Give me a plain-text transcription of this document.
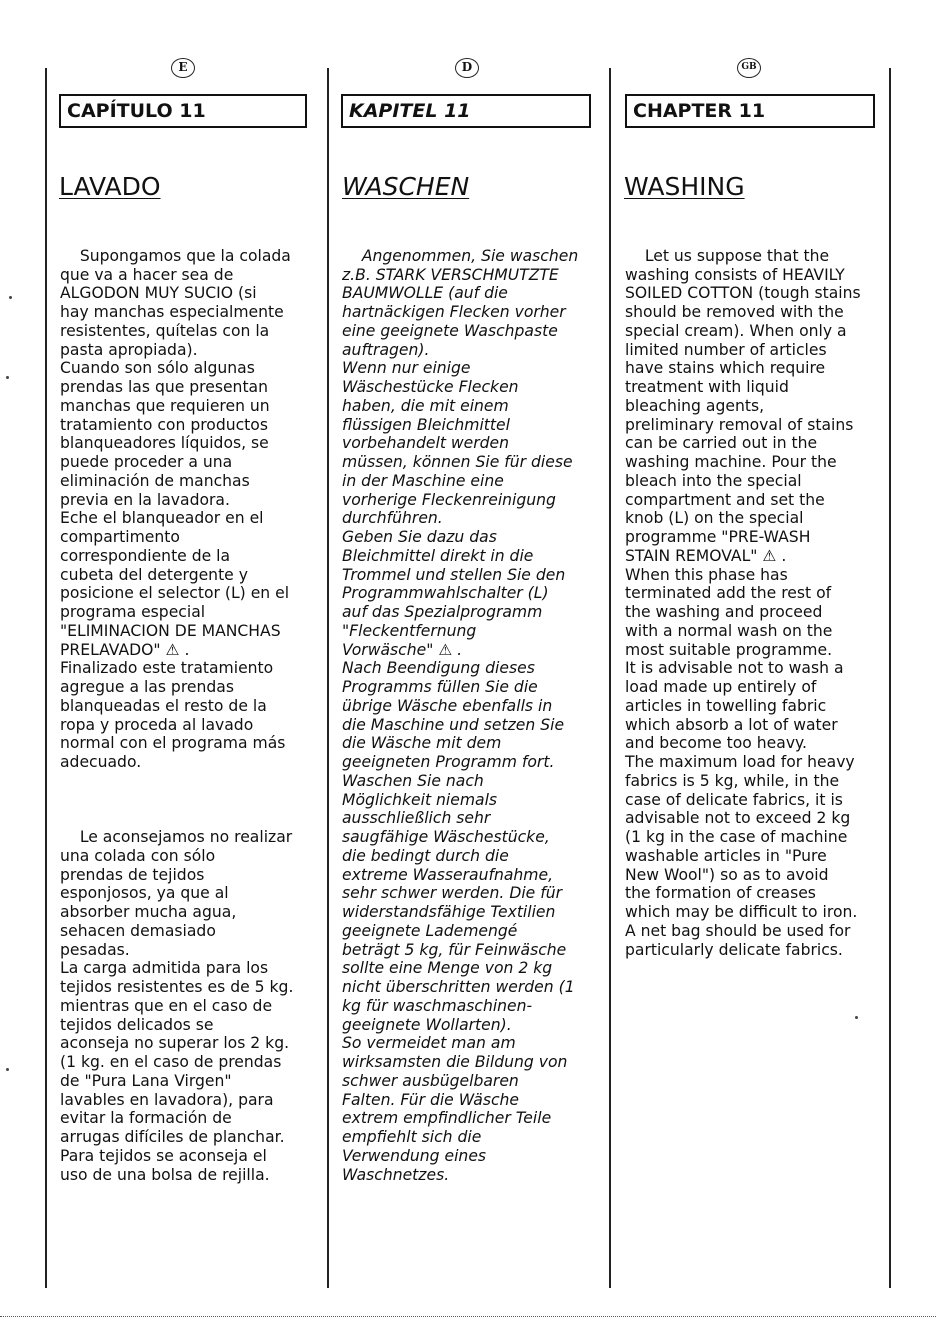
E
CAPÍTULO 11
LAVADO

Supongamos que la colada
que va a hacer sea de
ALGODON MUY SUCIO (si
hay manchas especialmente
resistentes, quítelas con la
pasta apropiada).
Cuando son sólo algunas
prendas las que presentan
manchas que requieren un
tratamiento con productos
blanqueadores líquidos, se
puede proceder a una
eliminación de manchas
previa en la lavadora.
Eche el blanqueador en el
compartimento
correspondiente de la
cubeta del detergente y
posicione el selector (L) en el
programa especial
"ELIMINACION DE MANCHAS
PRELAVADO" ⚠ .
Finalizado este tratamiento
agregue a las prendas
blanqueadas el resto de la
ropa y proceda al lavado
normal con el programa más
adecuado.

Le aconsejamos no realizar
una colada con sólo
prendas de tejidos
esponjosos, ya que al
absorber mucha agua,
sehacen demasiado
pesadas.
La carga admitida para los
tejidos resistentes es de 5 kg.
mientras que en el caso de
tejidos delicados se
aconseja no superar los 2 kg.
(1 kg. en el caso de prendas
de "Pura Lana Virgen"
lavables en lavadora), para
evitar la formación de
arrugas difíciles de planchar.
Para tejidos se aconseja el
uso de una bolsa de rejilla.

D
KAPITEL 11
WASCHEN

Angenommen, Sie waschen
z.B. STARK VERSCHMUTZTE
BAUMWOLLE (auf die
hartnäckigen Flecken vorher
eine geeignete Waschpaste
auftragen).
Wenn nur einige
Wäschestücke Flecken
haben, die mit einem
flüssigen Bleichmittel
vorbehandelt werden
müssen, können Sie für diese
in der Maschine eine
vorherige Fleckenreinigung
durchführen.
Geben Sie dazu das
Bleichmittel direkt in die
Trommel und stellen Sie den
Programmwahlschalter (L)
auf das Spezialprogramm
"Fleckentfernung
Vorwäsche" ⚠ .
Nach Beendigung dieses
Programms füllen Sie die
übrige Wäsche ebenfalls in
die Maschine und setzen Sie
die Wäsche mit dem
geeigneten Programm fort.
Waschen Sie nach
Möglichkeit niemals
ausschließlich sehr
saugfähige Wäschestücke,
die bedingt durch die
extreme Wasseraufnahme,
sehr schwer werden. Die für
widerstandsfähige Textilien
geeignete Lademengé
beträgt 5 kg, für Feinwäsche
sollte eine Menge von 2 kg
nicht überschritten werden (1
kg für waschmaschinen-
geeignete Wollarten).
So vermeidet man am
wirksamsten die Bildung von
schwer ausbügelbaren
Falten. Für die Wäsche
extrem empfindlicher Teile
empfiehlt sich die
Verwendung eines
Waschnetzes.

GB
CHAPTER 11
WASHING

Let us suppose that the
washing consists of HEAVILY
SOILED COTTON (tough stains
should be removed with the
special cream). When only a
limited number of articles
have stains which require
treatment with liquid
bleaching agents,
preliminary removal of stains
can be carried out in the
washing machine. Pour the
bleach into the special
compartment and set the
knob (L) on the special
programme "PRE-WASH
STAIN REMOVAL" ⚠ .
When this phase has
terminated add the rest of
the washing and proceed
with a normal wash on the
most suitable programme.
It is advisable not to wash a
load made up entirely of
articles in towelling fabric
which absorb a lot of water
and become too heavy.
The maximum load for heavy
fabrics is 5 kg, while, in the
case of delicate fabrics, it is
advisable not to exceed 2 kg
(1 kg in the case of machine
washable articles in "Pure
New Wool") so as to avoid
the formation of creases
which may be difficult to iron.
A net bag should be used for
particularly delicate fabrics.
